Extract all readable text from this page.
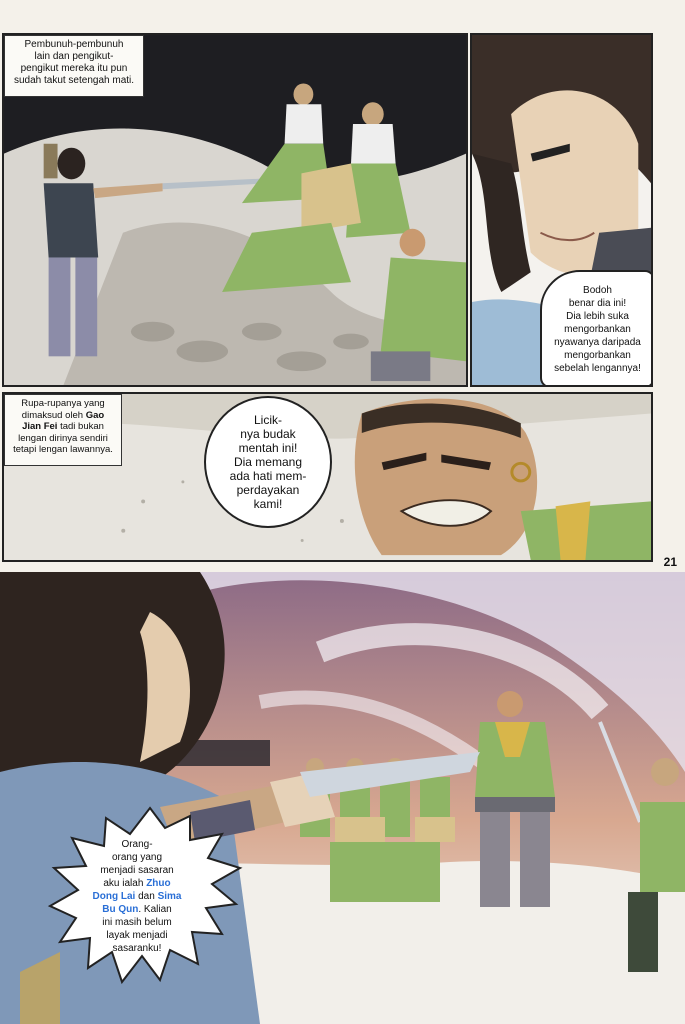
Pembunuh-pembunuh
lain dan pengikut-
pengikut mereka itu pun
sudah takut setengah mati.
Bodoh
benar dia ini!
Dia lebih suka
mengorbankan
nyawanya daripada
mengorbankan
sebelah lengannya!
Rupa-rupanya yang
dimaksud oleh Gao
Jian Fei tadi bukan
lengan dirinya sendiri
tetapi lengan lawannya.
Licik-
nya budak
mentah ini!
Dia memang
ada hati mem-
perdayakan
kami!
21
Orang-
orang yang
menjadi sasaran
aku ialah Zhuo
Dong Lai dan Sima
Bu Qun. Kalian
ini masih belum
layak menjadi
sasaranku!
